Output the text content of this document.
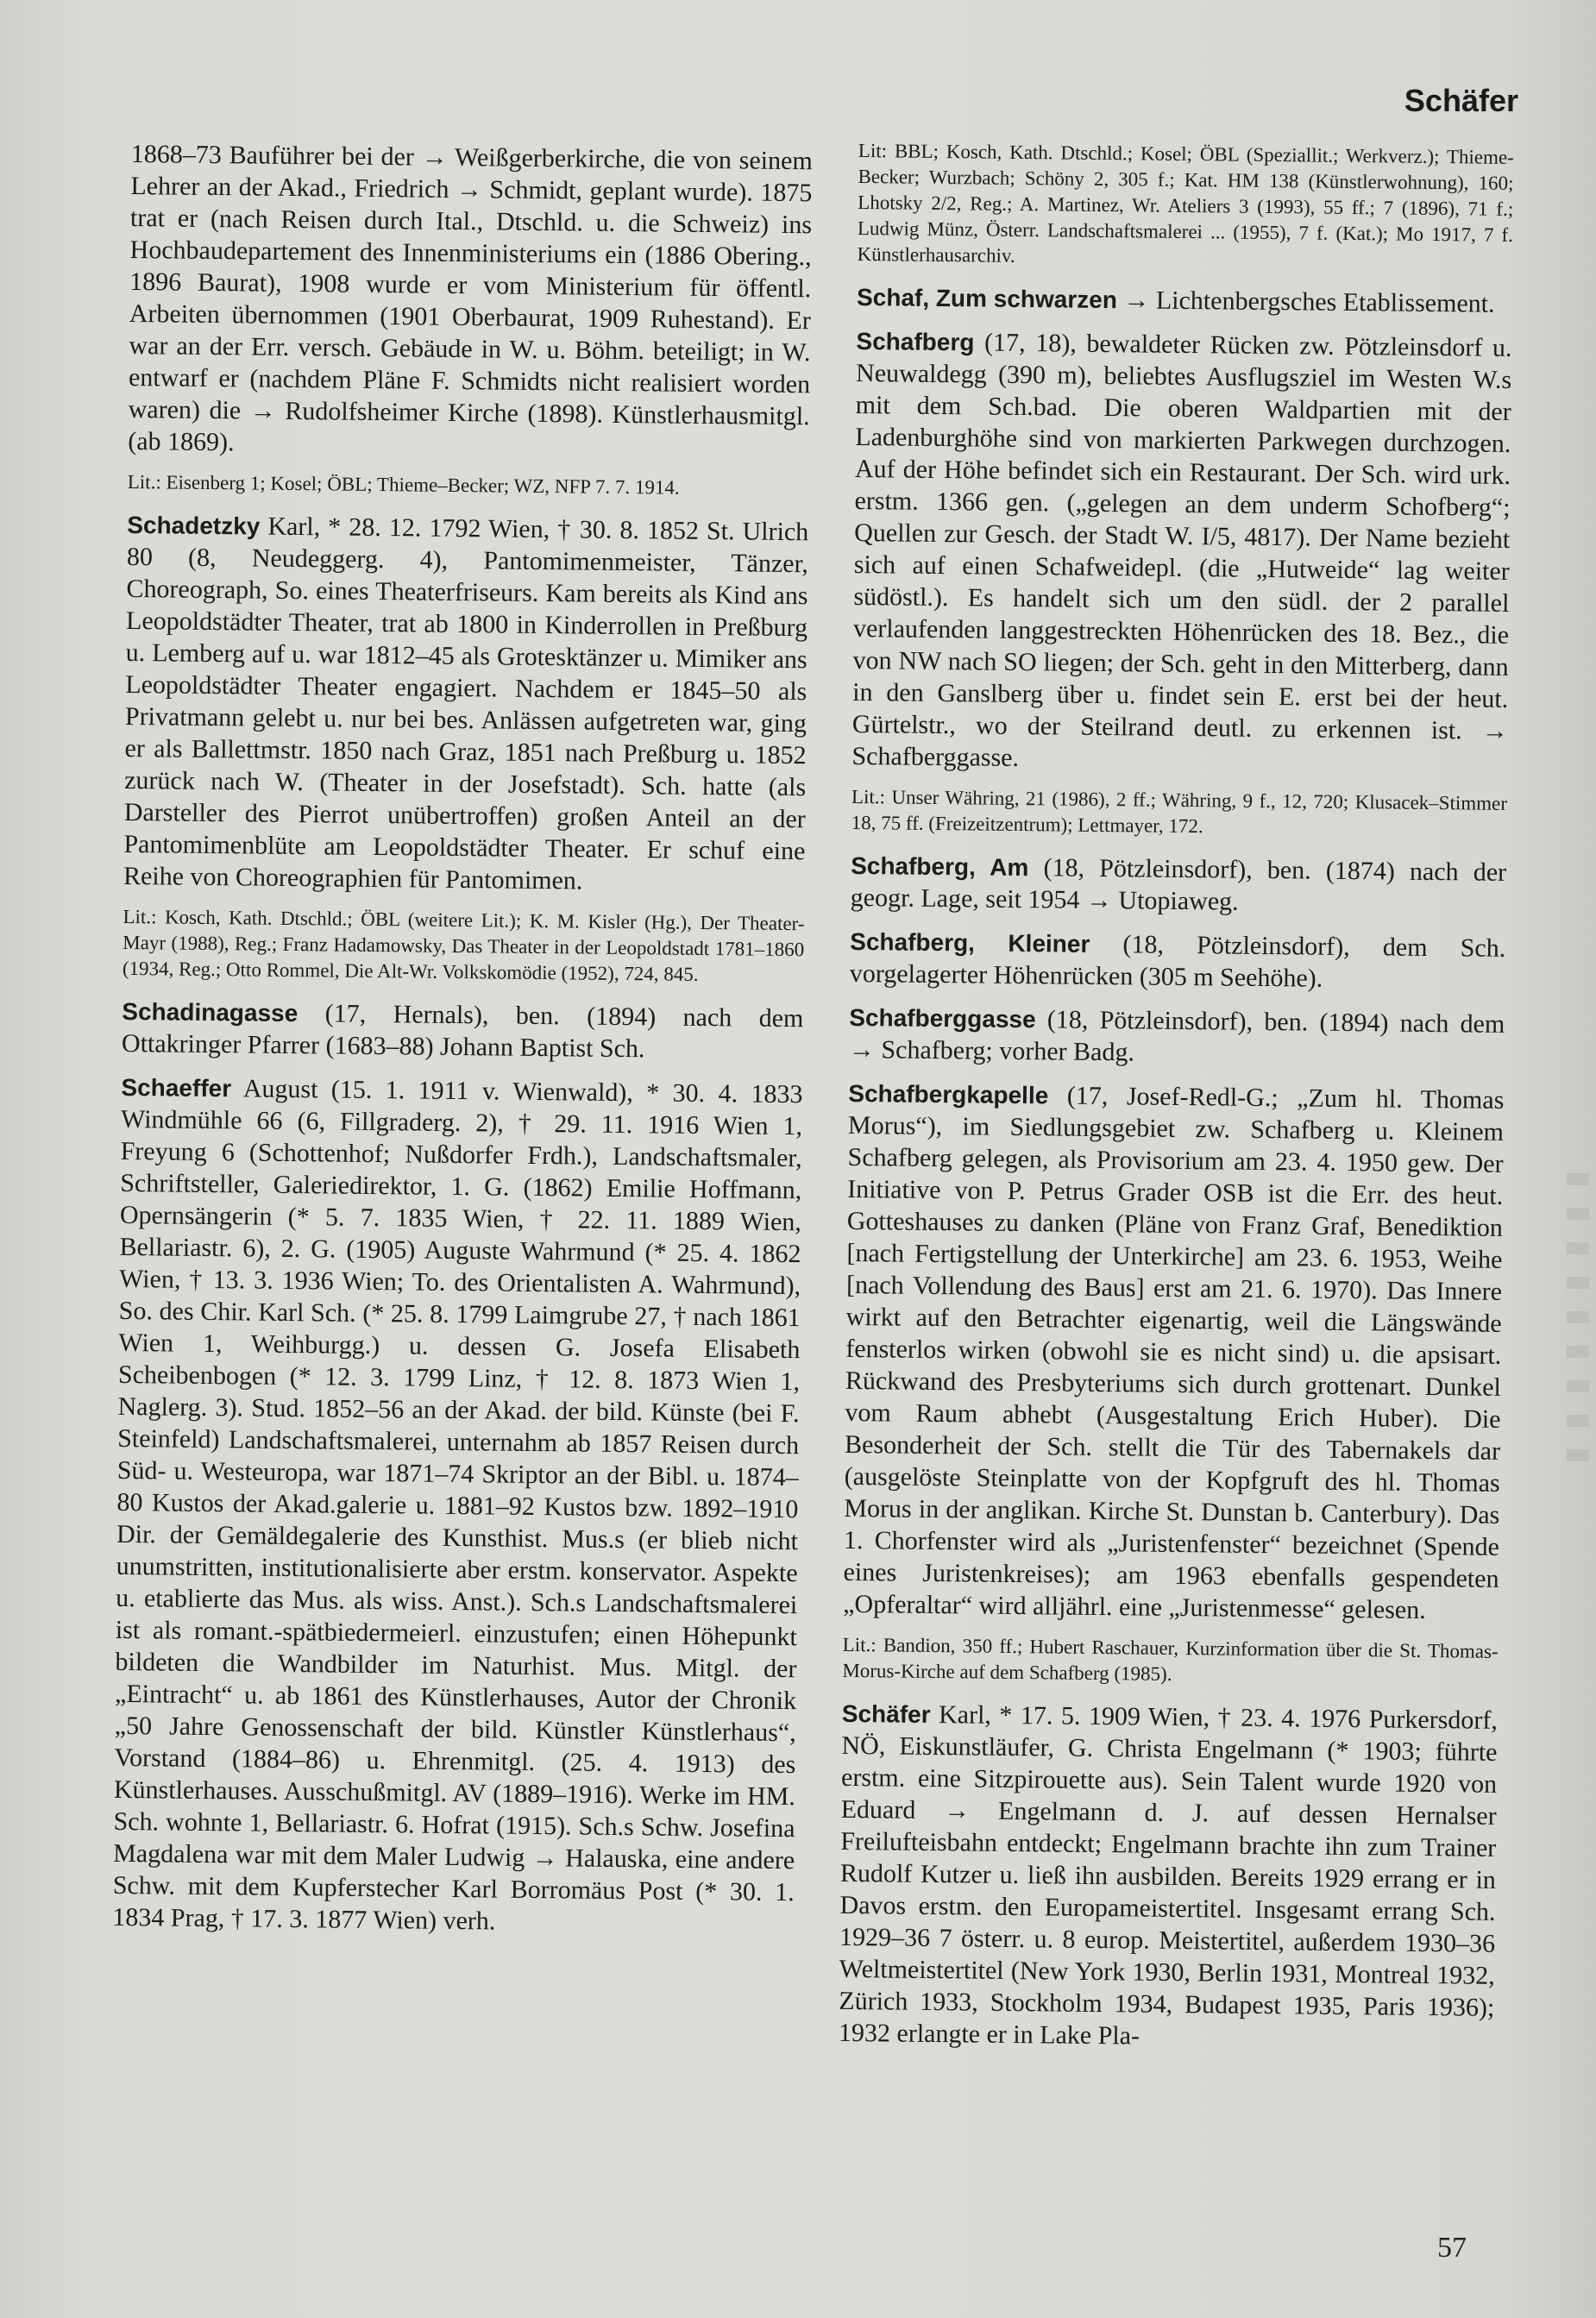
Schäfer

1868–73 Bauführer bei der → Weißgerberkirche, die von seinem Lehrer an der Akad., Friedrich → Schmidt, geplant wurde). 1875 trat er (nach Reisen durch Ital., Dtschld. u. die Schweiz) ins Hochbaudepartement des Innenministeriums ein (1886 Obering., 1896 Baurat), 1908 wurde er vom Ministerium für öffentl. Arbeiten übernommen (1901 Oberbaurat, 1909 Ruhestand). Er war an der Err. versch. Gebäude in W. u. Böhm. beteiligt; in W. entwarf er (nachdem Pläne F. Schmidts nicht realisiert worden waren) die → Rudolfsheimer Kirche (1898). Künstlerhausmitgl. (ab 1869).

Lit.: Eisenberg 1; Kosel; ÖBL; Thieme–Becker; WZ, NFP 7. 7. 1914.

Schadetzky Karl, * 28. 12. 1792 Wien, † 30. 8. 1852 St. Ulrich 80 (8, Neudeggerg. 4), Pantomimenmeister, Tänzer, Choreograph, So. eines Theaterfriseurs. Kam bereits als Kind ans Leopoldstädter Theater, trat ab 1800 in Kinderrollen in Preßburg u. Lemberg auf u. war 1812–45 als Grotesktänzer u. Mimiker ans Leopoldstädter Theater engagiert. Nachdem er 1845–50 als Privatmann gelebt u. nur bei bes. Anlässen aufgetreten war, ging er als Ballettmstr. 1850 nach Graz, 1851 nach Preßburg u. 1852 zurück nach W. (Theater in der Josefstadt). Sch. hatte (als Darsteller des Pierrot unübertroffen) großen Anteil an der Pantomimenblüte am Leopoldstädter Theater. Er schuf eine Reihe von Choreographien für Pantomimen.

Lit.: Kosch, Kath. Dtschld.; ÖBL (weitere Lit.); K. M. Kisler (Hg.), Der Theater-Mayr (1988), Reg.; Franz Hadamowsky, Das Theater in der Leopoldstadt 1781–1860 (1934, Reg.; Otto Rommel, Die Alt-Wr. Volkskomödie (1952), 724, 845.

Schadinagasse (17, Hernals), ben. (1894) nach dem Ottakringer Pfarrer (1683–88) Johann Baptist Sch.

Schaeffer August (15. 1. 1911 v. Wienwald), * 30. 4. 1833 Windmühle 66 (6, Fillgraderg. 2), † 29. 11. 1916 Wien 1, Freyung 6 (Schottenhof; Nußdorfer Frdh.), Landschaftsmaler, Schriftsteller, Galeriedirektor, 1. G. (1862) Emilie Hoffmann, Opernsängerin (* 5. 7. 1835 Wien, † 22. 11. 1889 Wien, Bellariastr. 6), 2. G. (1905) Auguste Wahrmund (* 25. 4. 1862 Wien, † 13. 3. 1936 Wien; To. des Orientalisten A. Wahrmund), So. des Chir. Karl Sch. (* 25. 8. 1799 Laimgrube 27, † nach 1861 Wien 1, Weihburgg.) u. dessen G. Josefa Elisabeth Scheibenbogen (* 12. 3. 1799 Linz, † 12. 8. 1873 Wien 1, Naglerg. 3). Stud. 1852–56 an der Akad. der bild. Künste (bei F. Steinfeld) Landschaftsmalerei, unternahm ab 1857 Reisen durch Süd- u. Westeuropa, war 1871–74 Skriptor an der Bibl. u. 1874–80 Kustos der Akad.galerie u. 1881–92 Kustos bzw. 1892–1910 Dir. der Gemäldegalerie des Kunsthist. Mus.s (er blieb nicht unumstritten, institutionalisierte aber erstm. konservator. Aspekte u. etablierte das Mus. als wiss. Anst.). Sch.s Landschaftsmalerei ist als romant.-spätbiedermeierl. einzustufen; einen Höhepunkt bildeten die Wandbilder im Naturhist. Mus. Mitgl. der „Eintracht“ u. ab 1861 des Künstlerhauses, Autor der Chronik „50 Jahre Genossenschaft der bild. Künstler Künstlerhaus“, Vorstand (1884–86) u. Ehrenmitgl. (25. 4. 1913) des Künstlerhauses. Ausschußmitgl. AV (1889–1916). Werke im HM. Sch. wohnte 1, Bellariastr. 6. Hofrat (1915). Sch.s Schw. Josefina Magdalena war mit dem Maler Ludwig → Halauska, eine andere Schw. mit dem Kupferstecher Karl Borromäus Post (* 30. 1. 1834 Prag, † 17. 3. 1877 Wien) verh.

Lit: BBL; Kosch, Kath. Dtschld.; Kosel; ÖBL (Speziallit.; Werkverz.); Thieme-Becker; Wurzbach; Schöny 2, 305 f.; Kat. HM 138 (Künstlerwohnung), 160; Lhotsky 2/2, Reg.; A. Martinez, Wr. Ateliers 3 (1993), 55 ff.; 7 (1896), 71 f.; Ludwig Münz, Österr. Landschaftsmalerei ... (1955), 7 f. (Kat.); Mo 1917, 7 f. Künstlerhausarchiv.

Schaf, Zum schwarzen → Lichtenbergsches Etablissement.

Schafberg (17, 18), bewaldeter Rücken zw. Pötzleinsdorf u. Neuwaldegg (390 m), beliebtes Ausflugsziel im Westen W.s mit dem Sch.bad. Die oberen Waldpartien mit der Ladenburghöhe sind von markierten Parkwegen durchzogen. Auf der Höhe befindet sich ein Restaurant. Der Sch. wird urk. erstm. 1366 gen. („gelegen an dem underm Schofberg“; Quellen zur Gesch. der Stadt W. I/5, 4817). Der Name bezieht sich auf einen Schafweidepl. (die „Hutweide“ lag weiter südöstl.). Es handelt sich um den südl. der 2 parallel verlaufenden langgestreckten Höhenrücken des 18. Bez., die von NW nach SO liegen; der Sch. geht in den Mitterberg, dann in den Ganslberg über u. findet sein E. erst bei der heut. Gürtelstr., wo der Steilrand deutl. zu erkennen ist. → Schafberggasse.

Lit.: Unser Währing, 21 (1986), 2 ff.; Währing, 9 f., 12, 720; Klusacek–Stimmer 18, 75 ff. (Freizeitzentrum); Lettmayer, 172.

Schafberg, Am (18, Pötzleinsdorf), ben. (1874) nach der geogr. Lage, seit 1954 → Utopiaweg.

Schafberg, Kleiner (18, Pötzleinsdorf), dem Sch. vorgelagerter Höhenrücken (305 m Seehöhe).

Schafberggasse (18, Pötzleinsdorf), ben. (1894) nach dem → Schafberg; vorher Badg.

Schafbergkapelle (17, Josef-Redl-G.; „Zum hl. Thomas Morus“), im Siedlungsgebiet zw. Schafberg u. Kleinem Schafberg gelegen, als Provisorium am 23. 4. 1950 gew. Der Initiative von P. Petrus Grader OSB ist die Err. des heut. Gotteshauses zu danken (Pläne von Franz Graf, Benediktion [nach Fertigstellung der Unterkirche] am 23. 6. 1953, Weihe [nach Vollendung des Baus] erst am 21. 6. 1970). Das Innere wirkt auf den Betrachter eigenartig, weil die Längswände fensterlos wirken (obwohl sie es nicht sind) u. die apsisart. Rückwand des Presbyteriums sich durch grottenart. Dunkel vom Raum abhebt (Ausgestaltung Erich Huber). Die Besonderheit der Sch. stellt die Tür des Tabernakels dar (ausgelöste Steinplatte von der Kopfgruft des hl. Thomas Morus in der anglikan. Kirche St. Dunstan b. Canterbury). Das 1. Chorfenster wird als „Juristenfenster“ bezeichnet (Spende eines Juristenkreises); am 1963 ebenfalls gespendeten „Opferaltar“ wird alljährl. eine „Juristenmesse“ gelesen.

Lit.: Bandion, 350 ff.; Hubert Raschauer, Kurzinformation über die St. Thomas-Morus-Kirche auf dem Schafberg (1985).

Schäfer Karl, * 17. 5. 1909 Wien, † 23. 4. 1976 Purkersdorf, NÖ, Eiskunstläufer, G. Christa Engelmann (* 1903; führte erstm. eine Sitzpirouette aus). Sein Talent wurde 1920 von Eduard → Engelmann d. J. auf dessen Hernalser Freiluftеisbahn entdeckt; Engelmann brachte ihn zum Trainer Rudolf Kutzer u. ließ ihn ausbilden. Bereits 1929 errang er in Davos erstm. den Europameistertitel. Insgesamt errang Sch. 1929–36 7 österr. u. 8 europ. Meistertitel, außerdem 1930–36 Weltmeistertitel (New York 1930, Berlin 1931, Montreal 1932, Zürich 1933, Stockholm 1934, Budapest 1935, Paris 1936); 1932 erlangte er in Lake Pla-

57
